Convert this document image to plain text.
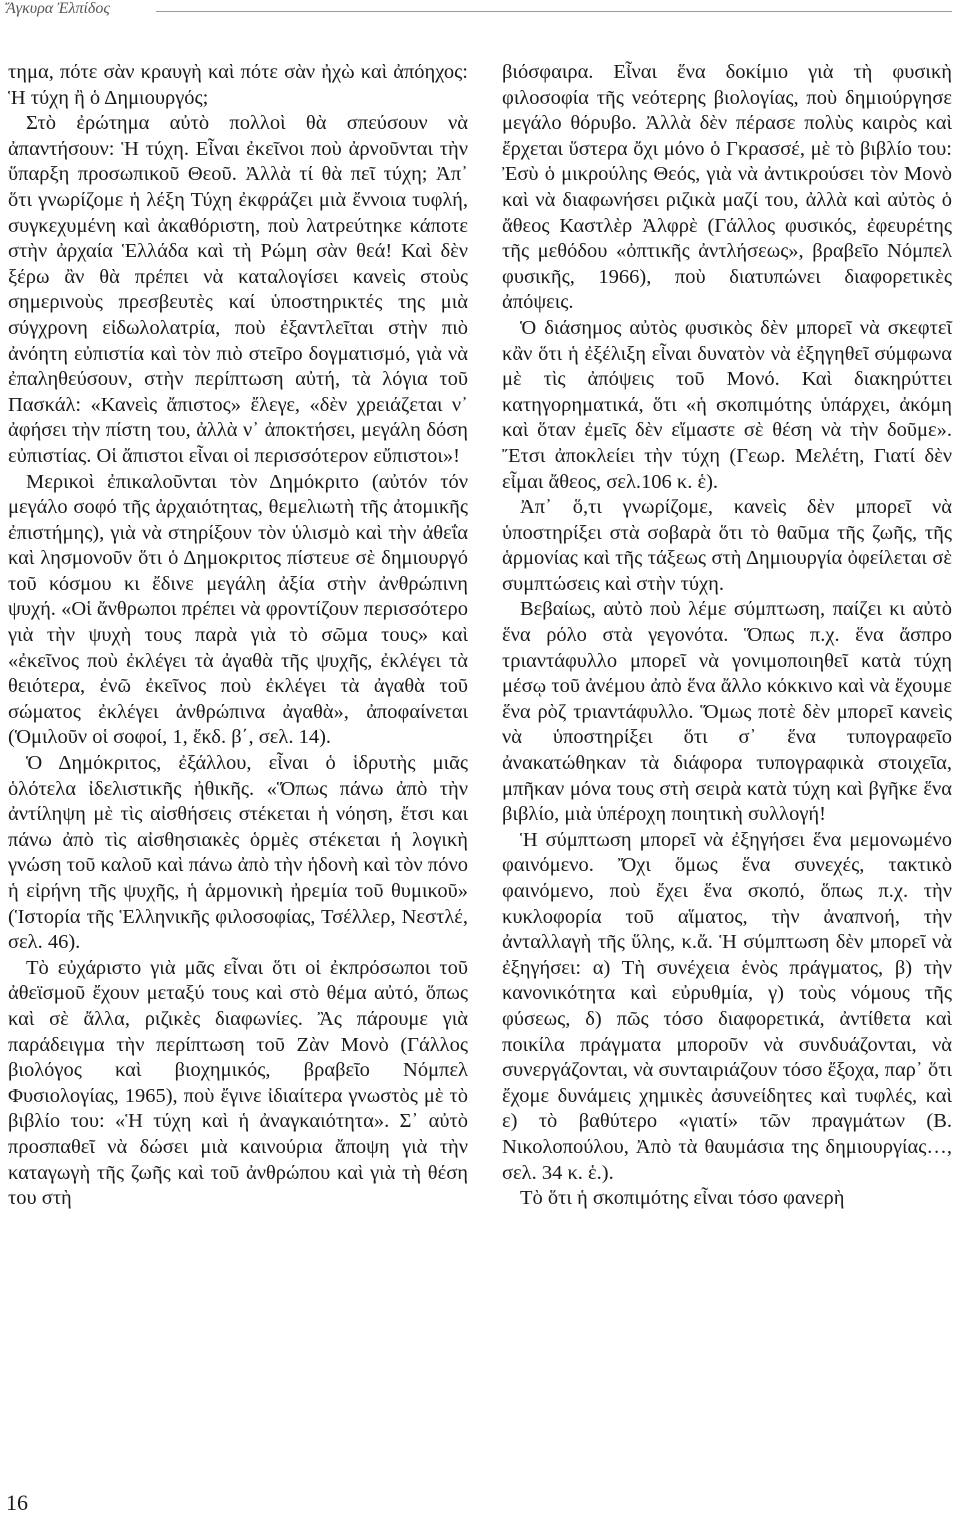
Ἄγκυρα Ἐλπίδος

τημα, πότε σὰν κραυγὴ καὶ πότε σὰν ἠχὼ καὶ ἀπόηχος: Ἡ τύχη ἢ ὁ Δημιουργός;

Στὸ ἐρώτημα αὐτὸ πολλοὶ θὰ σπεύσουν νὰ ἀπαντήσουν: Ἡ τύχη. Εἶναι ἐκεῖνοι ποὺ ἀρνοῦνται τὴν ὕπαρξη προσωπικοῦ Θεοῦ. Ἀλλὰ τί θὰ πεῖ τύχη; Ἀπ᾽ ὅτι γνωρίζομε ἡ λέξη Τύχη ἐκφράζει μιὰ ἔννοια τυφλή, συγκεχυμένη καὶ ἀκαθόριστη, ποὺ λατρεύτηκε κάποτε στὴν ἀρχαία Ἑλλάδα καὶ τὴ Ρώμη σὰν θεά! Καὶ δὲν ξέρω ἂν θὰ πρέπει νὰ καταλογίσει κανεὶς στοὺς σημερινοὺς πρεσβευτὲς καί ὑποστηρικτές της μιὰ σύγχρονη εἰδωλολατρία, ποὺ ἐξαντλεῖται στὴν πιὸ ἀνόητη εὐπιστία καὶ τὸν πιὸ στεῖρο δογματισμό, γιὰ νὰ ἐπαληθεύσουν, στὴν περίπτωση αὐτή, τὰ λόγια τοῦ Πασκάλ: «Κανεὶς ἄπιστος» ἔλεγε, «δὲν χρειάζεται ν᾽ ἀφήσει τὴν πίστη του, ἀλλὰ ν᾽ ἀποκτήσει, μεγάλη δόση εὐπιστίας. Οἱ ἄπιστοι εἶναι οἱ περισσότερον εὔπιστοι»!

Μερικοὶ ἐπικαλοῦνται τὸν Δημόκριτο (αὐτόν τόν μεγάλο σοφό τῆς ἀρχαιότητας, θεμελιωτὴ τῆς ἀτομικῆς ἐπιστήμης), γιὰ νὰ στηρίξουν τὸν ὑλισμὸ καὶ τὴν ἀθεΐα καὶ λησμονοῦν ὅτι ὁ Δημοκριτος πίστευε σὲ δημιουργό τοῦ κόσμου κι ἔδινε μεγάλη ἀξία στὴν ἀνθρώπινη ψυχή. «Οἱ ἄνθρωποι πρέπει νὰ φροντίζουν περισσότερο γιὰ τὴν ψυχὴ τους παρὰ γιὰ τὸ σῶμα τους» καὶ «ἐκεῖνος ποὺ ἐκλέγει τὰ ἀγαθὰ τῆς ψυχῆς, ἐκλέγει τὰ θειότερα, ἐνῶ ἐκεῖνος ποὺ ἐκλέγει τὰ ἀγαθὰ τοῦ σώματος ἐκλέγει ἀνθρώπινα ἀγαθὰ», ἀποφαίνεται (Ὁμιλοῦν οἱ σοφοί, 1, ἔκδ. β΄, σελ. 14).

Ὁ Δημόκριτος, ἐξάλλου, εἶναι ὁ ἱδρυτὴς μιᾶς ὁλότελα ἰδελιστικῆς ἠθικῆς. «Ὅπως πάνω ἀπὸ τὴν ἀντίληψη μὲ τὶς αἰσθήσεις στέκεται ἡ νόηση, ἔτσι και πάνω ἀπὸ τὶς αἰσθησιακὲς ὁρμὲς στέκεται ἡ λογικὴ γνώση τοῦ καλοῦ καὶ πάνω ἀπὸ τὴν ἡδονὴ καὶ τὸν πόνο ἡ εἰρήνη τῆς ψυχῆς, ἡ ἁρμονικὴ ἠρεμία τοῦ θυμικοῦ» (Ἱστορία τῆς Ἑλληνικῆς φιλοσοφίας, Τσέλλερ, Νεστλέ, σελ. 46).

Τὸ εὐχάριστο γιὰ μᾶς εἶναι ὅτι οἱ ἐκπρόσωποι τοῦ ἀθεϊσμοῦ ἔχουν μεταξύ τους καὶ στὸ θέμα αὐτό, ὅπως καὶ σὲ ἄλλα, ριζικὲς διαφωνίες. Ἂς πάρουμε γιὰ παράδειγμα τὴν περίπτωση τοῦ Ζὰν Μονὸ (Γάλλος βιολόγος καὶ βιοχημικός, βραβεῖο Νόμπελ Φυσιολογίας, 1965), ποὺ ἔγινε ἰδιαίτερα γνωστὸς μὲ τὸ βιβλίο του: «Ἡ τύχη καὶ ἡ ἀναγκαιότητα». Σ᾽ αὐτὸ προσπαθεῖ νὰ δώσει μιὰ καινούρια ἄποψη γιὰ τὴν καταγωγὴ τῆς ζωῆς καὶ τοῦ ἀνθρώπου καὶ γιὰ τὴ θέση του στὴ

βιόσφαιρα. Εἶναι ἕνα δοκίμιο γιὰ τὴ φυσικὴ φιλοσοφία τῆς νεότερης βιολογίας, ποὺ δημιούργησε μεγάλο θόρυβο. Ἀλλὰ δὲν πέρασε πολὺς καιρὸς καὶ ἔρχεται ὕστερα ὄχι μόνο ὁ Γκρασσέ, μὲ τὸ βιβλίο του: Ἐσὺ ὁ μικρούλης Θεός, γιὰ νὰ ἀντικρούσει τὸν Μονὸ καὶ νὰ διαφωνήσει ριζικὰ μαζί του, ἀλλὰ καὶ αὐτὸς ὁ ἄθεος Καστλὲρ Ἀλφρὲ (Γάλλος φυσικός, ἐφευρέτης τῆς μεθόδου «ὀπτικῆς ἀντλήσεως», βραβεῖο Νόμπελ φυσικῆς, 1966), ποὺ διατυπώνει διαφορετικὲς ἀπόψεις.

Ὁ διάσημος αὐτὸς φυσικὸς δὲν μπορεῖ νὰ σκεφτεῖ κἂν ὅτι ἡ ἐξέλιξη εἶναι δυνατὸν νὰ ἐξηγηθεῖ σύμφωνα μὲ τὶς ἀπόψεις τοῦ Μονό. Καὶ διακηρύττει κατηγορηματικά, ὅτι «ἡ σκοπιμότης ὑπάρχει, ἀκόμη καὶ ὅταν ἐμεῖς δὲν εἴμαστε σὲ θέση νὰ τὴν δοῦμε». Ἔτσι ἀποκλείει τὴν τύχη (Γεωρ. Μελέτη, Γιατί δὲν εἶμαι ἄθεος, σελ.106 κ. ἑ).

Ἀπ᾽ ὅ,τι γνωρίζομε, κανεὶς δὲν μπορεῖ νὰ ὑποστηρίξει στὰ σοβαρὰ ὅτι τὸ θαῦμα τῆς ζωῆς, τῆς ἁρμονίας καὶ τῆς τάξεως στὴ Δημιουργία ὀφείλεται σὲ συμπτώσεις καὶ στὴν τύχη.

Βεβαίως, αὐτὸ ποὺ λέμε σύμπτωση, παίζει κι αὐτὸ ἕνα ρόλο στὰ γεγονότα. Ὅπως π.χ. ἕνα ἄσπρο τριαντάφυλλο μπορεῖ νὰ γονιμοποιηθεῖ κατὰ τύχη μέσῳ τοῦ ἀνέμου ἀπὸ ἕνα ἄλλο κόκκινο καὶ νὰ ἔχουμε ἕνα ρὸζ τριαντάφυλλο. Ὅμως ποτὲ δὲν μπορεῖ κανεὶς νὰ ὑποστηρίξει ὅτι σ᾽ ἕνα τυπογραφεῖο ἀνακατώθηκαν τὰ διάφορα τυπογραφικὰ στοιχεῖα, μπῆκαν μόνα τους στὴ σειρὰ κατὰ τύχη καὶ βγῆκε ἕνα βιβλίο, μιὰ ὑπέροχη ποιητικὴ συλλογή!

Ἡ σύμπτωση μπορεῖ νὰ ἐξηγήσει ἕνα μεμονωμένο φαινόμενο. Ὄχι ὅμως ἕνα συνεχές, τακτικὸ φαινόμενο, ποὺ ἔχει ἕνα σκοπό, ὅπως π.χ. τὴν κυκλοφορία τοῦ αἵματος, τὴν ἀναπνοή, τὴν ἀνταλλαγὴ τῆς ὕλης, κ.ἄ. Ἡ σύμπτωση δὲν μπορεῖ νὰ ἐξηγήσει: α) Τὴ συνέχεια ἑνὸς πράγματος, β) τὴν κανονικότητα καὶ εὐρυθμία, γ) τοὺς νόμους τῆς φύσεως, δ) πῶς τόσο διαφορετικά, ἀντίθετα καὶ ποικίλα πράγματα μποροῦν νὰ συνδυάζονται, νὰ συνεργάζονται, νὰ συνταιριάζουν τόσο ἔξοχα, παρ᾽ ὅτι ἔχομε δυνάμεις χημικὲς ἀσυνείδητες καὶ τυφλές, καὶ ε) τὸ βαθύτερο «γιατί» τῶν πραγμάτων (Β. Νικολοπούλου, Ἀπὸ τὰ θαυμάσια της δημιουργίας…, σελ. 34 κ. ἑ.).

Τὸ ὅτι ἡ σκοπιμότης εἶναι τόσο φανερὴ

16
